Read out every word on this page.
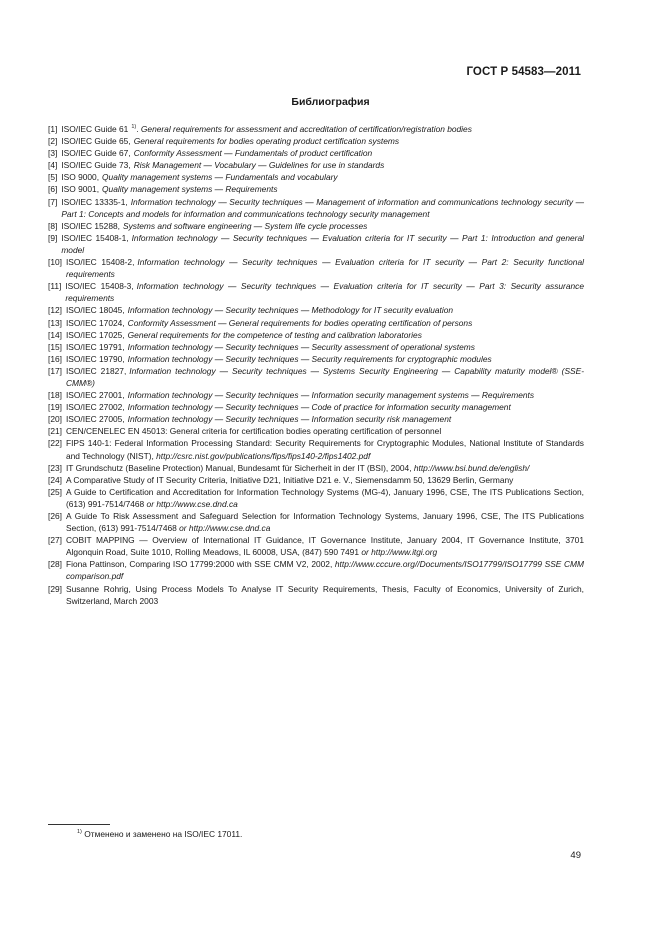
ГОСТ Р 54583—2011
Библиография
[1] ISO/IEC Guide 61 $^{1)}$. General requirements for assessment and accreditation of certification/registration bodies
[2] ISO/IEC Guide 65, General requirements for bodies operating product certification systems
[3] ISO/IEC Guide 67, Conformity Assessment — Fundamentals of product certification
[4] ISO/IEC Guide 73, Risk Management — Vocabulary — Guidelines for use in standards
[5] ISO 9000, Quality management systems — Fundamentals and vocabulary
[6] ISO 9001, Quality management systems — Requirements
[7] ISO/IEC 13335-1, Information technology — Security techniques — Management of information and communications technology security — Part 1: Concepts and models for information and communications technology security management
[8] ISO/IEC 15288, Systems and software engineering — System life cycle processes
[9] ISO/IEC 15408-1, Information technology — Security techniques — Evaluation criteria for IT security — Part 1: Introduction and general model
[10] ISO/IEC 15408-2, Information technology — Security techniques — Evaluation criteria for IT security — Part 2: Security functional requirements
[11] ISO/IEC 15408-3, Information technology — Security techniques — Evaluation criteria for IT security — Part 3: Security assurance requirements
[12] ISO/IEC 18045, Information technology — Security techniques — Methodology for IT security evaluation
[13] ISO/IEC 17024, Conformity Assessment — General requirements for bodies operating certification of persons
[14] ISO/IEC 17025, General requirements for the competence of testing and calibration laboratories
[15] ISO/IEC 19791, Information technology — Security techniques — Security assessment of operational systems
[16] ISO/IEC 19790, Information technology — Security techniques — Security requirements for cryptographic modules
[17] ISO/IEC 21827, Information technology — Security techniques — Systems Security Engineering — Capability maturity model® (SSE-CMM®)
[18] ISO/IEC 27001, Information technology — Security techniques — Information security management systems — Requirements
[19] ISO/IEC 27002, Information technology — Security techniques — Code of practice for information security management
[20] ISO/IEC 27005, Information technology — Security techniques — Information security risk management
[21] CEN/CENELEC EN 45013: General criteria for certification bodies operating certification of personnel
[22] FIPS 140-1: Federal Information Processing Standard: Security Requirements for Cryptographic Modules, National Institute of Standards and Technology (NIST), http://csrc.nist.gov/publications/fips/fips140-2/fips1402.pdf
[23] IT Grundschutz (Baseline Protection) Manual, Bundesamt für Sicherheit in der IT (BSI), 2004, http://www.bsi.bund.de/english/
[24] A Comparative Study of IT Security Criteria, Initiative D21, Initiative D21 e. V., Siemensdamm 50, 13629 Berlin, Germany
[25] A Guide to Certification and Accreditation for Information Technology Systems (MG-4), January 1996, CSE, The ITS Publications Section, (613) 991-7514/7468 or http://www.cse.dnd.ca
[26] A Guide To Risk Assessment and Safeguard Selection for Information Technology Systems, January 1996, CSE, The ITS Publications Section, (613) 991-7514/7468 or http://www.cse.dnd.ca
[27] COBIT MAPPING — Overview of International IT Guidance, IT Governance Institute, January 2004, IT Governance Institute, 3701 Algonquin Road, Suite 1010, Rolling Meadows, IL 60008, USA, (847) 590 7491 or http://www.itgi.org
[28] Fiona Pattinson, Comparing ISO 17799:2000 with SSE CMM V2, 2002, http://www.cccure.org//Documents/ISO17799/ISO17799 SSE CMM comparison.pdf
[29] Susanne Rohrig, Using Process Models To Analyse IT Security Requirements, Thesis, Faculty of Economics, University of Zurich, Switzerland, March 2003
$^{1)}$ Отменено и заменено на ISO/IEC 17011.
49
